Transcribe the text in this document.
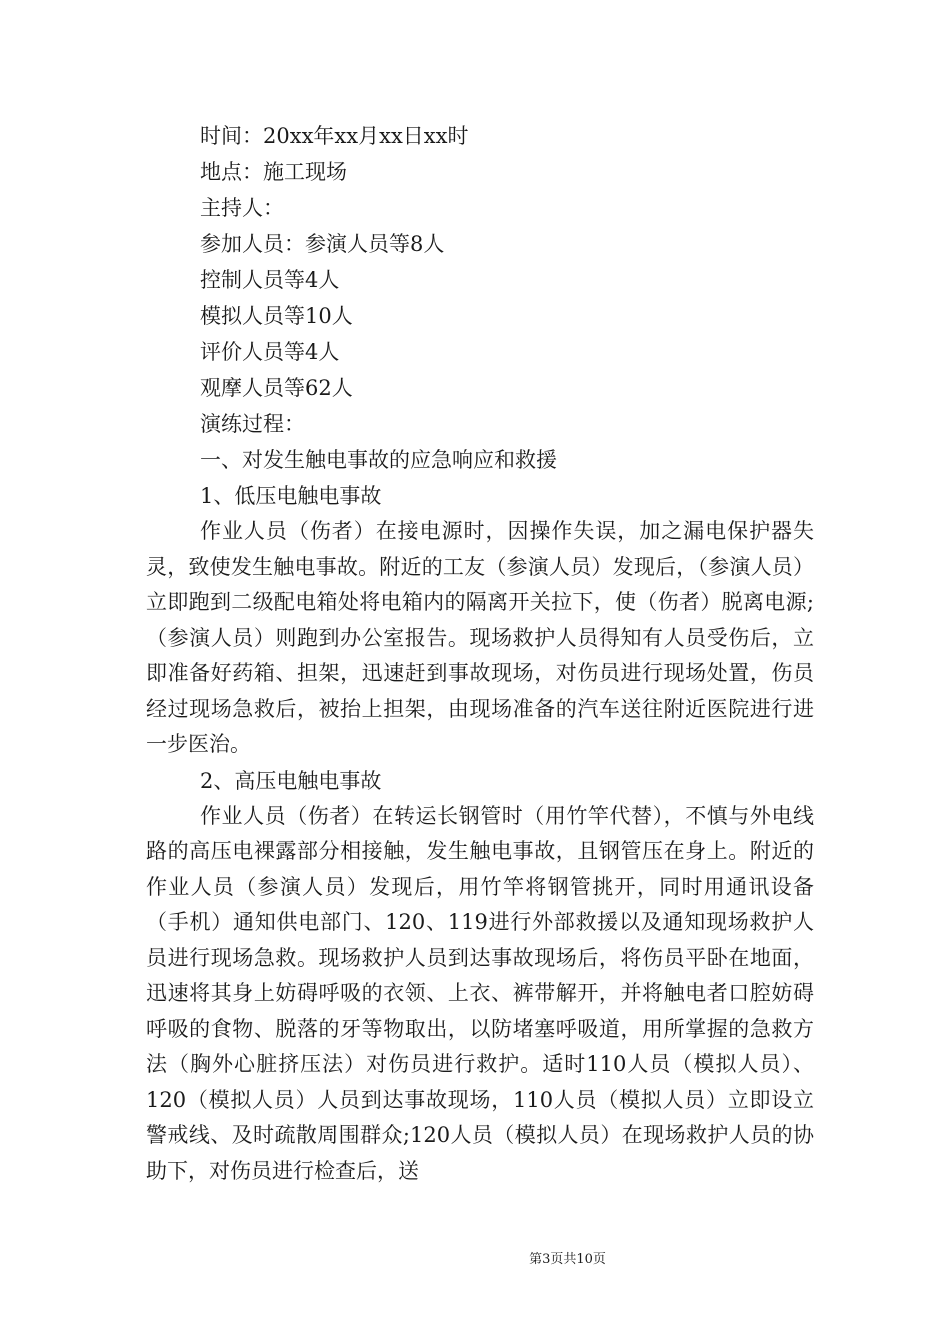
时间：20xx年xx月xx日xx时

地点：施工现场

主持人：

参加人员：参演人员等8人

控制人员等4人

模拟人员等10人

评价人员等4人

观摩人员等62人

演练过程：

一、对发生触电事故的应急响应和救援

1、低压电触电事故

作业人员（伤者）在接电源时，因操作失误，加之漏电保护器失灵，致使发生触电事故。附近的工友（参演人员）发现后，（参演人员）立即跑到二级配电箱处将电箱内的隔离开关拉下，使（伤者）脱离电源;（参演人员）则跑到办公室报告。现场救护人员得知有人员受伤后，立即准备好药箱、担架，迅速赶到事故现场，对伤员进行现场处置，伤员经过现场急救后，被抬上担架，由现场准备的汽车送往附近医院进行进一步医治。

2、高压电触电事故

作业人员（伤者）在转运长钢管时（用竹竿代替），不慎与外电线路的高压电裸露部分相接触，发生触电事故，且钢管压在身上。附近的作业人员（参演人员）发现后，用竹竿将钢管挑开，同时用通讯设备（手机）通知供电部门、120、119进行外部救援以及通知现场救护人员进行现场急救。现场救护人员到达事故现场后，将伤员平卧在地面，迅速将其身上妨碍呼吸的衣领、上衣、裤带解开，并将触电者口腔妨碍呼吸的食物、脱落的牙等物取出，以防堵塞呼吸道，用所掌握的急救方法（胸外心脏挤压法）对伤员进行救护。适时110人员（模拟人员）、120（模拟人员）人员到达事故现场，110人员（模拟人员）立即设立警戒线、及时疏散周围群众;120人员（模拟人员）在现场救护人员的协助下，对伤员进行检查后，送

第3页共10页
